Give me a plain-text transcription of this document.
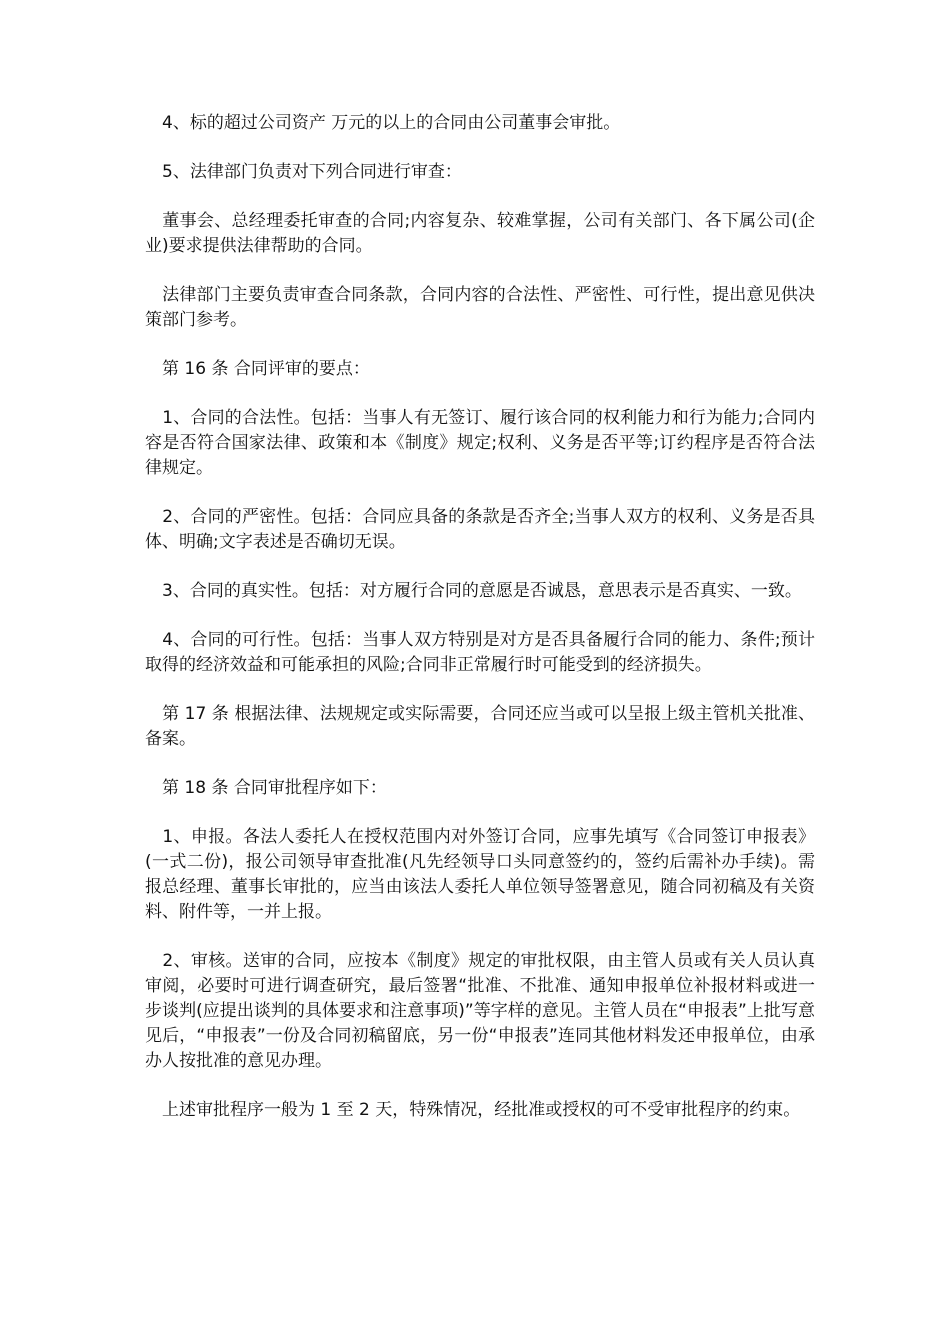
　4、标的超过公司资产 万元的以上的合同由公司董事会审批。

　5、法律部门负责对下列合同进行审查：

　董事会、总经理委托审查的合同;内容复杂、较难掌握，公司有关部门、各下属公司(企业)要求提供法律帮助的合同。

　法律部门主要负责审查合同条款，合同内容的合法性、严密性、可行性，提出意见供决策部门参考。

　第 16 条 合同评审的要点：

　1、合同的合法性。包括：当事人有无签订、履行该合同的权利能力和行为能力;合同内容是否符合国家法律、政策和本《制度》规定;权利、义务是否平等;订约程序是否符合法律规定。

　2、合同的严密性。包括：合同应具备的条款是否齐全;当事人双方的权利、义务是否具体、明确;文字表述是否确切无误。

　3、合同的真实性。包括：对方履行合同的意愿是否诚恳，意思表示是否真实、一致。

　4、合同的可行性。包括：当事人双方特别是对方是否具备履行合同的能力、条件;预计取得的经济效益和可能承担的风险;合同非正常履行时可能受到的经济损失。

　第 17 条 根据法律、法规规定或实际需要，合同还应当或可以呈报上级主管机关批准、备案。

　第 18 条 合同审批程序如下：

　1、申报。各法人委托人在授权范围内对外签订合同，应事先填写《合同签订申报表》(一式二份)，报公司领导审查批准(凡先经领导口头同意签约的，签约后需补办手续)。需报总经理、董事长审批的，应当由该法人委托人单位领导签署意见，随合同初稿及有关资料、附件等，一并上报。

　2、审核。送审的合同，应按本《制度》规定的审批权限，由主管人员或有关人员认真审阅，必要时可进行调查研究，最后签署“批准、不批准、通知申报单位补报材料或进一步谈判(应提出谈判的具体要求和注意事项)”等字样的意见。主管人员在“申报表”上批写意见后，“申报表”一份及合同初稿留底，另一份“申报表”连同其他材料发还申报单位，由承办人按批准的意见办理。

　上述审批程序一般为 1 至 2 天，特殊情况，经批准或授权的可不受审批程序的约束。
